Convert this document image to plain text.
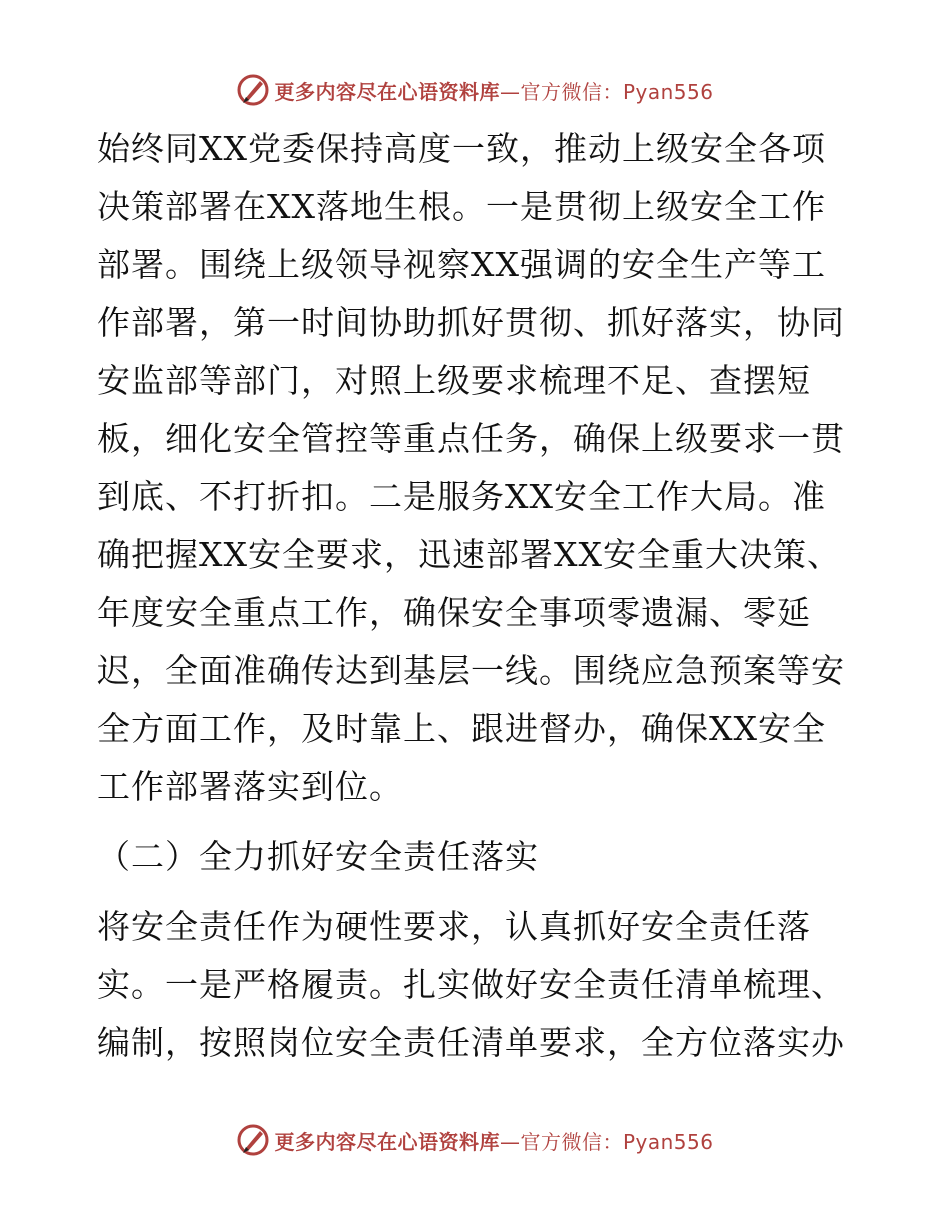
更多内容尽在心语资料库 —官方微信：Pyan556
始终同XX党委保持高度一致，推动上级安全各项
决策部署在XX落地生根。一是贯彻上级安全工作
部署。围绕上级领导视察XX强调的安全生产等工
作部署，第一时间协助抓好贯彻、抓好落实，协同
安监部等部门，对照上级要求梳理不足、查摆短
板，细化安全管控等重点任务，确保上级要求一贯
到底、不打折扣。二是服务XX安全工作大局。准
确把握XX安全要求，迅速部署XX安全重大决策、
年度安全重点工作，确保安全事项零遗漏、零延
迟，全面准确传达到基层一线。围绕应急预案等安
全方面工作，及时靠上、跟进督办，确保XX安全
工作部署落实到位。
（二）全力抓好安全责任落实
将安全责任作为硬性要求，认真抓好安全责任落
实。一是严格履责。扎实做好安全责任清单梳理、
编制，按照岗位安全责任清单要求，全方位落实办
更多内容尽在心语资料库 —官方微信：Pyan556
